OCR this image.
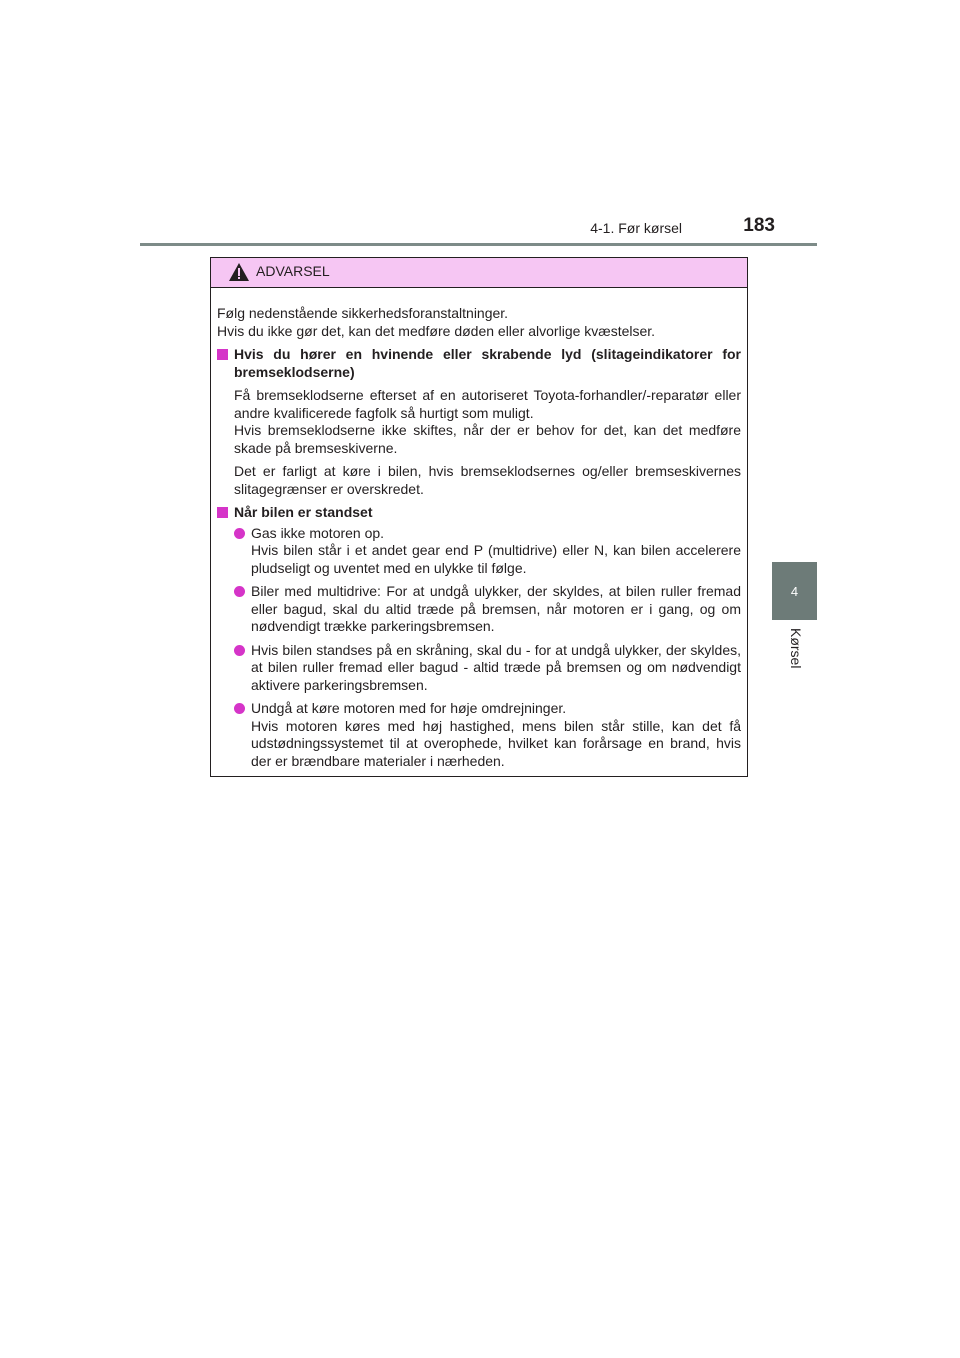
4-1. Før kørsel	183
4
Kørsel
ADVARSEL

Følg nedenstående sikkerhedsforanstaltninger.

Hvis du ikke gør det, kan det medføre døden eller alvorlige kvæstelser.

Hvis du hører en hvinende eller skrabende lyd (slitageindikatorer for bremseklodserne)

Få bremseklodserne efterset af en autoriseret Toyota-forhandler/-reparatør eller andre kvalificerede fagfolk så hurtigt som muligt.

Hvis bremseklodserne ikke skiftes, når der er behov for det, kan det medføre skade på bremseskiverne.

Det er farligt at køre i bilen, hvis bremseklodsernes og/eller bremseskivernes slitagegrænser er overskredet.

Når bilen er standset
Gas ikke motoren op.

Hvis bilen står i et andet gear end P (multidrive) eller N, kan bilen accelerere pludseligt og uventet med en ulykke til følge.

Biler med multidrive: For at undgå ulykker, der skyldes, at bilen ruller fremad eller bagud, skal du altid træde på bremsen, når motoren er i gang, og om nødvendigt trække parkeringsbremsen.

Hvis bilen standses på en skråning, skal du - for at undgå ulykker, der skyldes, at bilen ruller fremad eller bagud - altid træde på bremsen og om nødvendigt aktivere parkeringsbremsen.

Undgå at køre motoren med for høje omdrejninger.

Hvis motoren køres med høj hastighed, mens bilen står stille, kan det få udstødningssystemet til at overophede, hvilket kan forårsage en brand, hvis der er brændbare materialer i nærheden.
